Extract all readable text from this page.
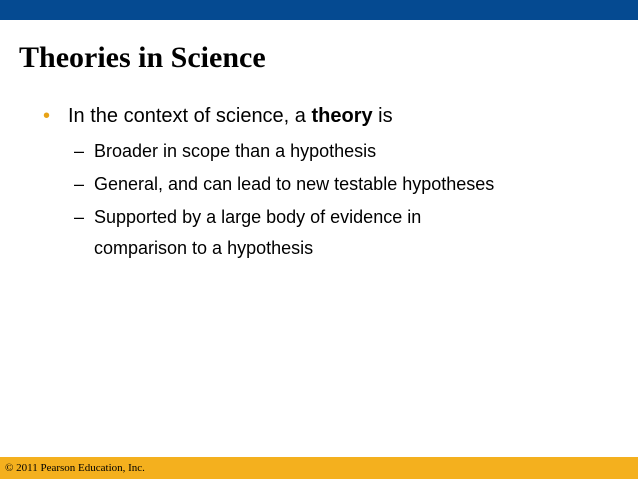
Theories in Science
• In the context of science, a theory is
– Broader in scope than a hypothesis
– General, and can lead to new testable hypotheses
– Supported by a large body of evidence in
comparison to a hypothesis
© 2011 Pearson Education, Inc.
